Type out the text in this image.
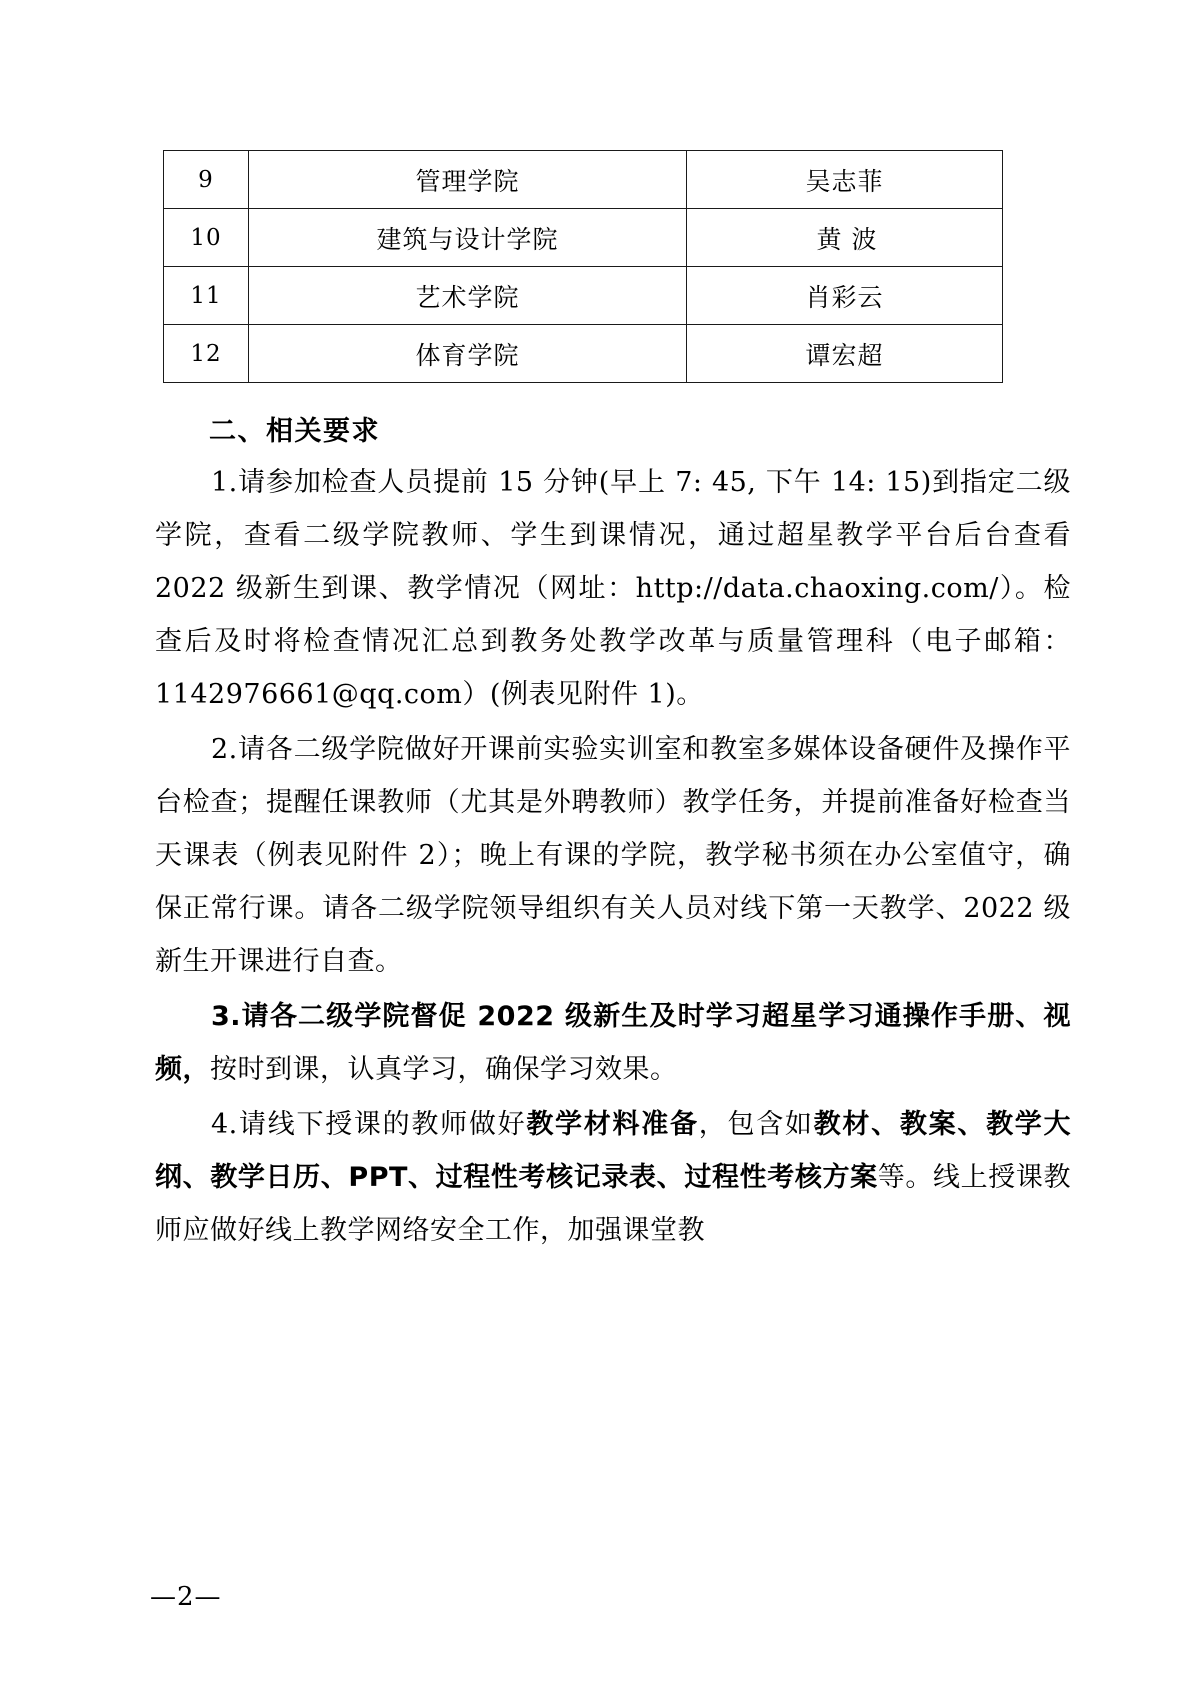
9	管理学院	吴志菲
10	建筑与设计学院	黄 波
11	艺术学院	肖彩云
12	体育学院	谭宏超
二、相关要求

1.请参加检查人员提前 15 分钟(早上 7: 45, 下午 14: 15)到指定二级学院，查看二级学院教师、学生到课情况，通过超星教学平台后台查看 2022 级新生到课、教学情况（网址：http://data.chaoxing.com/）。检查后及时将检查情况汇总到教务处教学改革与质量管理科（电子邮箱：1142976661@qq.com）(例表见附件 1)。

2.请各二级学院做好开课前实验实训室和教室多媒体设备硬件及操作平台检查；提醒任课教师（尤其是外聘教师）教学任务，并提前准备好检查当天课表（例表见附件 2）；晚上有课的学院，教学秘书须在办公室值守，确保正常行课。请各二级学院领导组织有关人员对线下第一天教学、2022 级新生开课进行自查。

3.请各二级学院督促 2022 级新生及时学习超星学习通操作手册、视频，按时到课，认真学习，确保学习效果。

4.请线下授课的教师做好教学材料准备，包含如教材、教案、教学大纲、教学日历、PPT、过程性考核记录表、过程性考核方案等。线上授课教师应做好线上教学网络安全工作，加强课堂教

—2—
